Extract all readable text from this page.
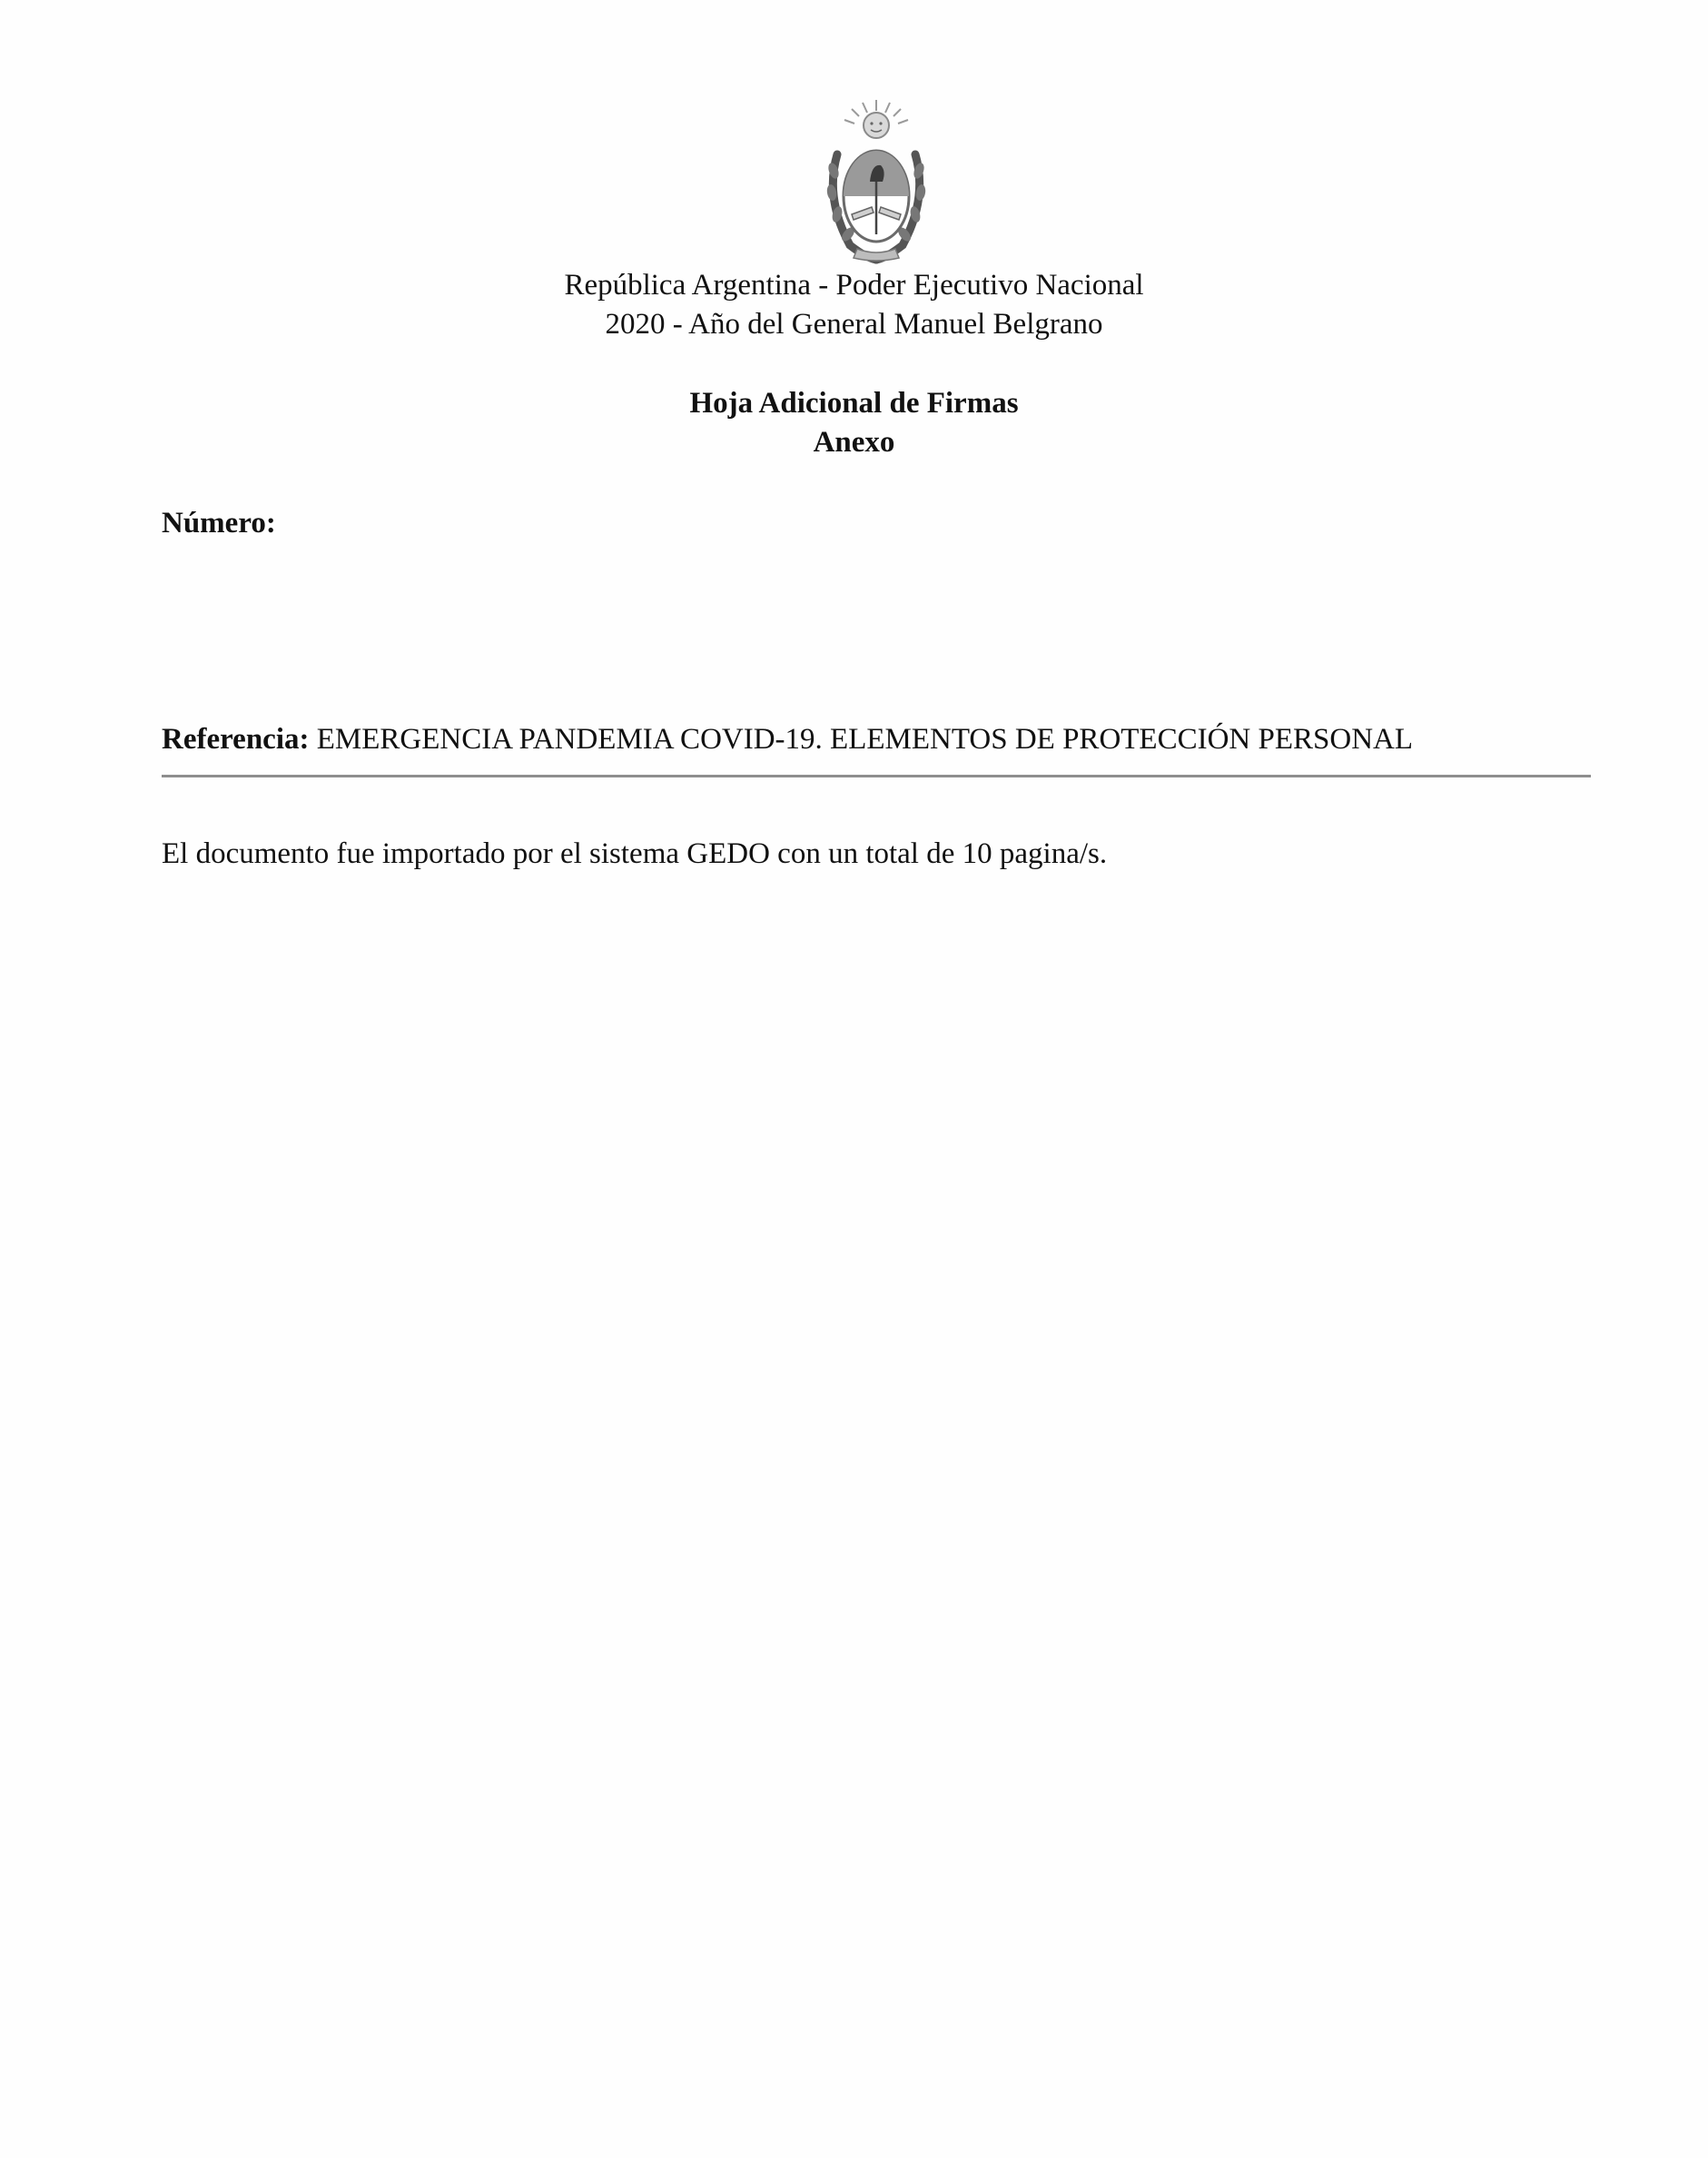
República Argentina - Poder Ejecutivo Nacional
2020 - Año del General Manuel Belgrano
Hoja Adicional de Firmas
Anexo
Número:
Referencia: EMERGENCIA PANDEMIA COVID-19. ELEMENTOS DE PROTECCIÓN PERSONAL
El documento fue importado por el sistema GEDO con un total de 10 pagina/s.
